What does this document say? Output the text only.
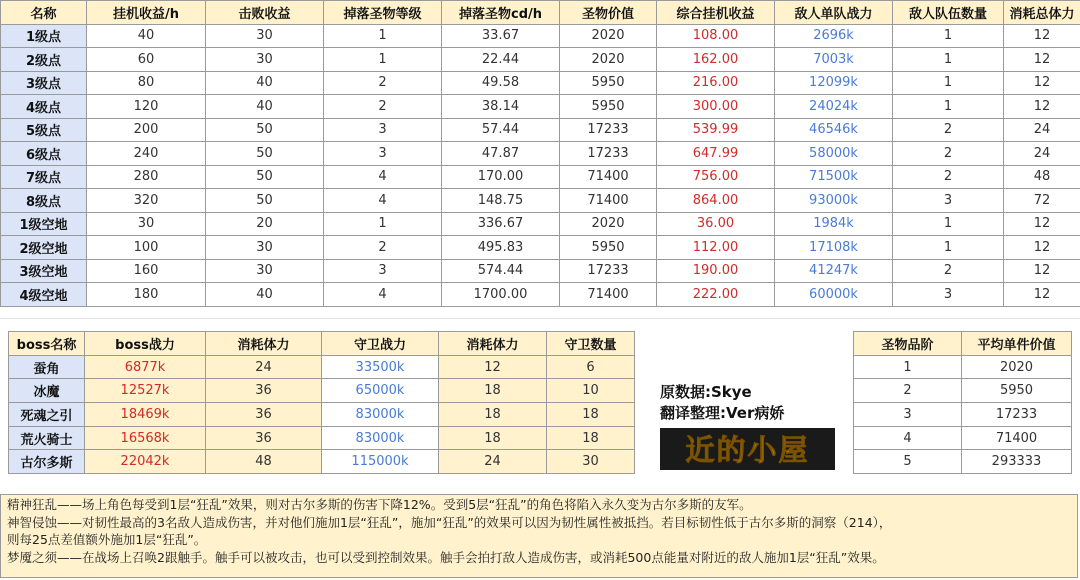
名称	挂机收益/h	击败收益	掉落圣物等级	掉落圣物cd/h	圣物价值	综合挂机收益	敌人单队战力	敌人队伍数量	消耗总体力
1级点	40	30	1	33.67	2020	108.00	2696k	1	12
2级点	60	30	1	22.44	2020	162.00	7003k	1	12
3级点	80	40	2	49.58	5950	216.00	12099k	1	12
4级点	120	40	2	38.14	5950	300.00	24024k	1	12
5级点	200	50	3	57.44	17233	539.99	46546k	2	24
6级点	240	50	3	47.87	17233	647.99	58000k	2	24
7级点	280	50	4	170.00	71400	756.00	71500k	2	48
8级点	320	50	4	148.75	71400	864.00	93000k	3	72
1级空地	30	20	1	336.67	2020	36.00	1984k	1	12
2级空地	100	30	2	495.83	5950	112.00	17108k	1	12
3级空地	160	30	3	574.44	17233	190.00	41247k	2	12
4级空地	180	40	4	1700.00	71400	222.00	60000k	3	12
boss名称	boss战力	消耗体力	守卫战力	消耗体力	守卫数量
蚕角	6877k	24	33500k	12	6
冰魔	12527k	36	65000k	18	10
死魂之引	18469k	36	83000k	18	18
荒火骑士	16568k	36	83000k	18	18
古尔多斯	22042k	48	115000k	24	30
圣物品阶	平均单件价值
1	2020
2	5950
3	17233
4	71400
5	293333
原数据:Skye
翻译整理:Ver病娇
近的小屋

精神狂乱——场上角色每受到1层“狂乱”效果，则对古尔多斯的伤害下降12%。受到5层“狂乱”的角色将陷入永久变为古尔多斯的友军。

神智侵蚀——对韧性最高的3名敌人造成伤害，并对他们施加1层“狂乱”，施加“狂乱”的效果可以因为韧性属性被抵挡。若目标韧性低于古尔多斯的洞察（214），

则每25点差值额外施加1层“狂乱”。

梦魇之须——在战场上召唤2跟触手。触手可以被攻击，也可以受到控制效果。触手会拍打敌人造成伤害，或消耗500点能量对附近的敌人施加1层“狂乱”效果。
